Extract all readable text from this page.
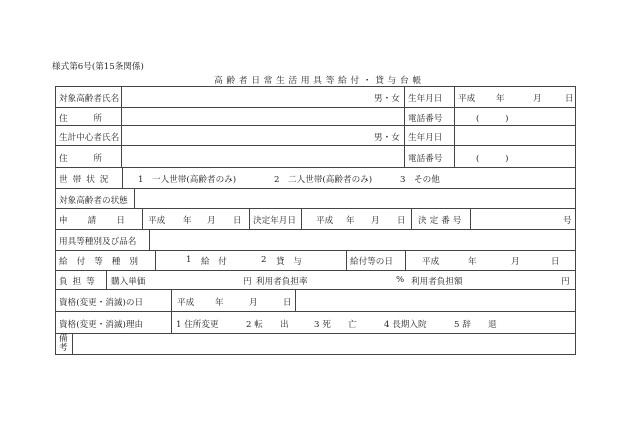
様式第6号(第15条関係)
高齢者日常生活用具等給付・貸与台帳
対象高齢者氏名	男・女 生年月日 平成 年	月	日
住　　　所	電話番号	(　　　)
生計中心者氏名	男・女 生年月日
住　　　所	電話番号	(　　　)
世帯状況	1　一人世帯(高齢者のみ)	2　二人世帯(高齢者のみ)	3　その他
対象高齢者の状態
申請日 平成 年 月 日 決定年月日 平成 年 月 日 決定番号	号
用具等種別及び品名
給付等種別	1 給　付	2 貸　与	給付等の日	平成	年	月	日
負担等 購入単価	円 利用者負担率	% 利用者負担額	円
資格(変更・消滅)の日	平成 年	月	日
資格(変更・消滅)理由	1 住所変更	2 転　　出	3 死　　亡	4 長期入院	5 辞　　退
備考
